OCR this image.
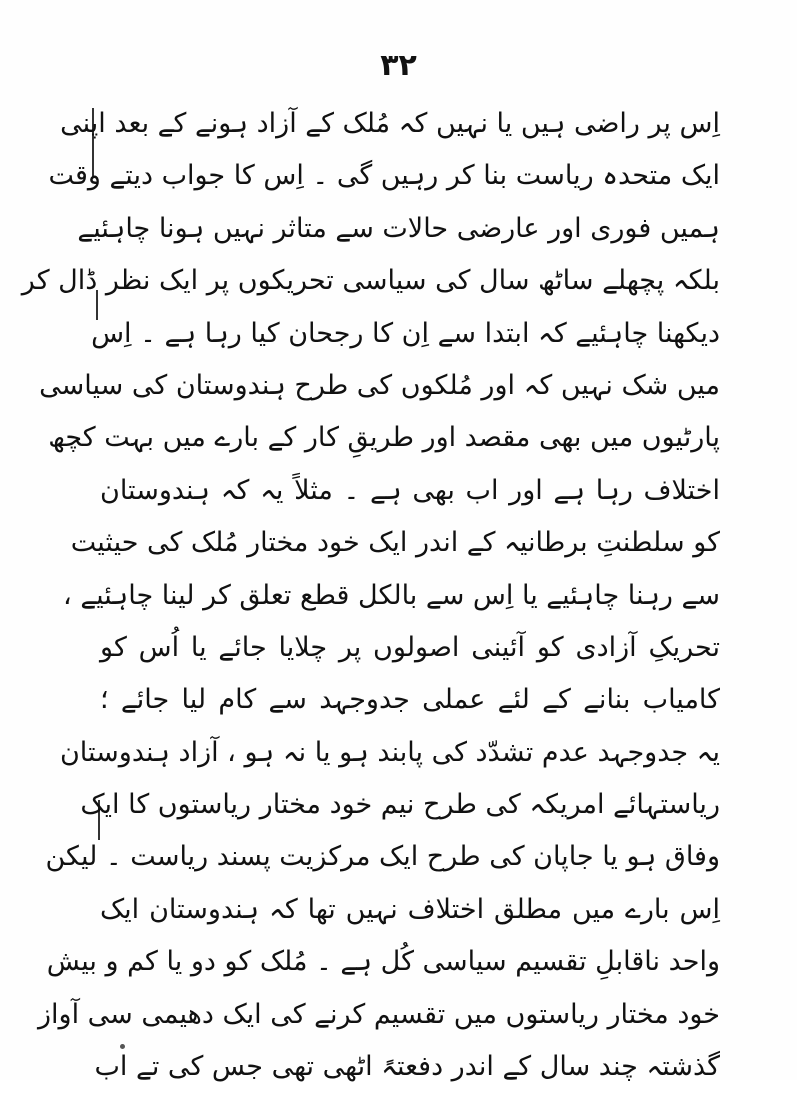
۳۲
اِس پر راضی ہیں یا نہیں کہ مُلک کے آزاد ہونے کے بعد اپنی
ایک متحدہ ریاست بنا کر رہیں گی ۔ اِس کا جواب دیتے وقت
ہمیں فوری اور عارضی حالات سے متاثر نہیں ہونا چاہئیے
بلکہ پچھلے ساٹھ سال کی سیاسی تحریکوں پر ایک نظر ڈال کر
دیکھنا چاہئیے کہ ابتدا سے اِن کا رجحان کیا رہا ہے ۔ اِس
میں شک نہیں کہ اور مُلکوں کی طرح ہندوستان کی سیاسی
پارٹیوں میں بھی مقصد اور طریقِ کار کے بارے میں بہت کچھ
اختلاف رہا ہے اور اب بھی ہے ۔ مثلاً یہ کہ ہندوستان
کو سلطنتِ برطانیہ کے اندر ایک خود مختار مُلک کی حیثیت
سے رہنا چاہئیے یا اِس سے بالکل قطع تعلق کر لینا چاہئیے ،
تحریکِ آزادی کو آئینی اصولوں پر چلایا جائے یا اُس کو
کامیاب بنانے کے لئے عملی جدوجہد سے کام لیا جائے ؛
یہ جدوجہد عدم تشدّد کی پابند ہو یا نہ ہو ، آزاد ہندوستان
ریاستہائے امریکہ کی طرح نیم خود مختار ریاستوں کا ایک
وفاق ہو یا جاپان کی طرح ایک مرکزیت پسند ریاست ۔ لیکن
اِس بارے میں مطلق اختلاف نہیں تھا کہ ہندوستان ایک
واحد ناقابلِ تقسیم سیاسی کُل ہے ۔ مُلک کو دو یا کم و بیش
خود مختار ریاستوں میں تقسیم کرنے کی ایک دھیمی سی آواز
گذشتہ چند سال کے اندر دفعتہً اٹھی تھی جس کی تے اب
